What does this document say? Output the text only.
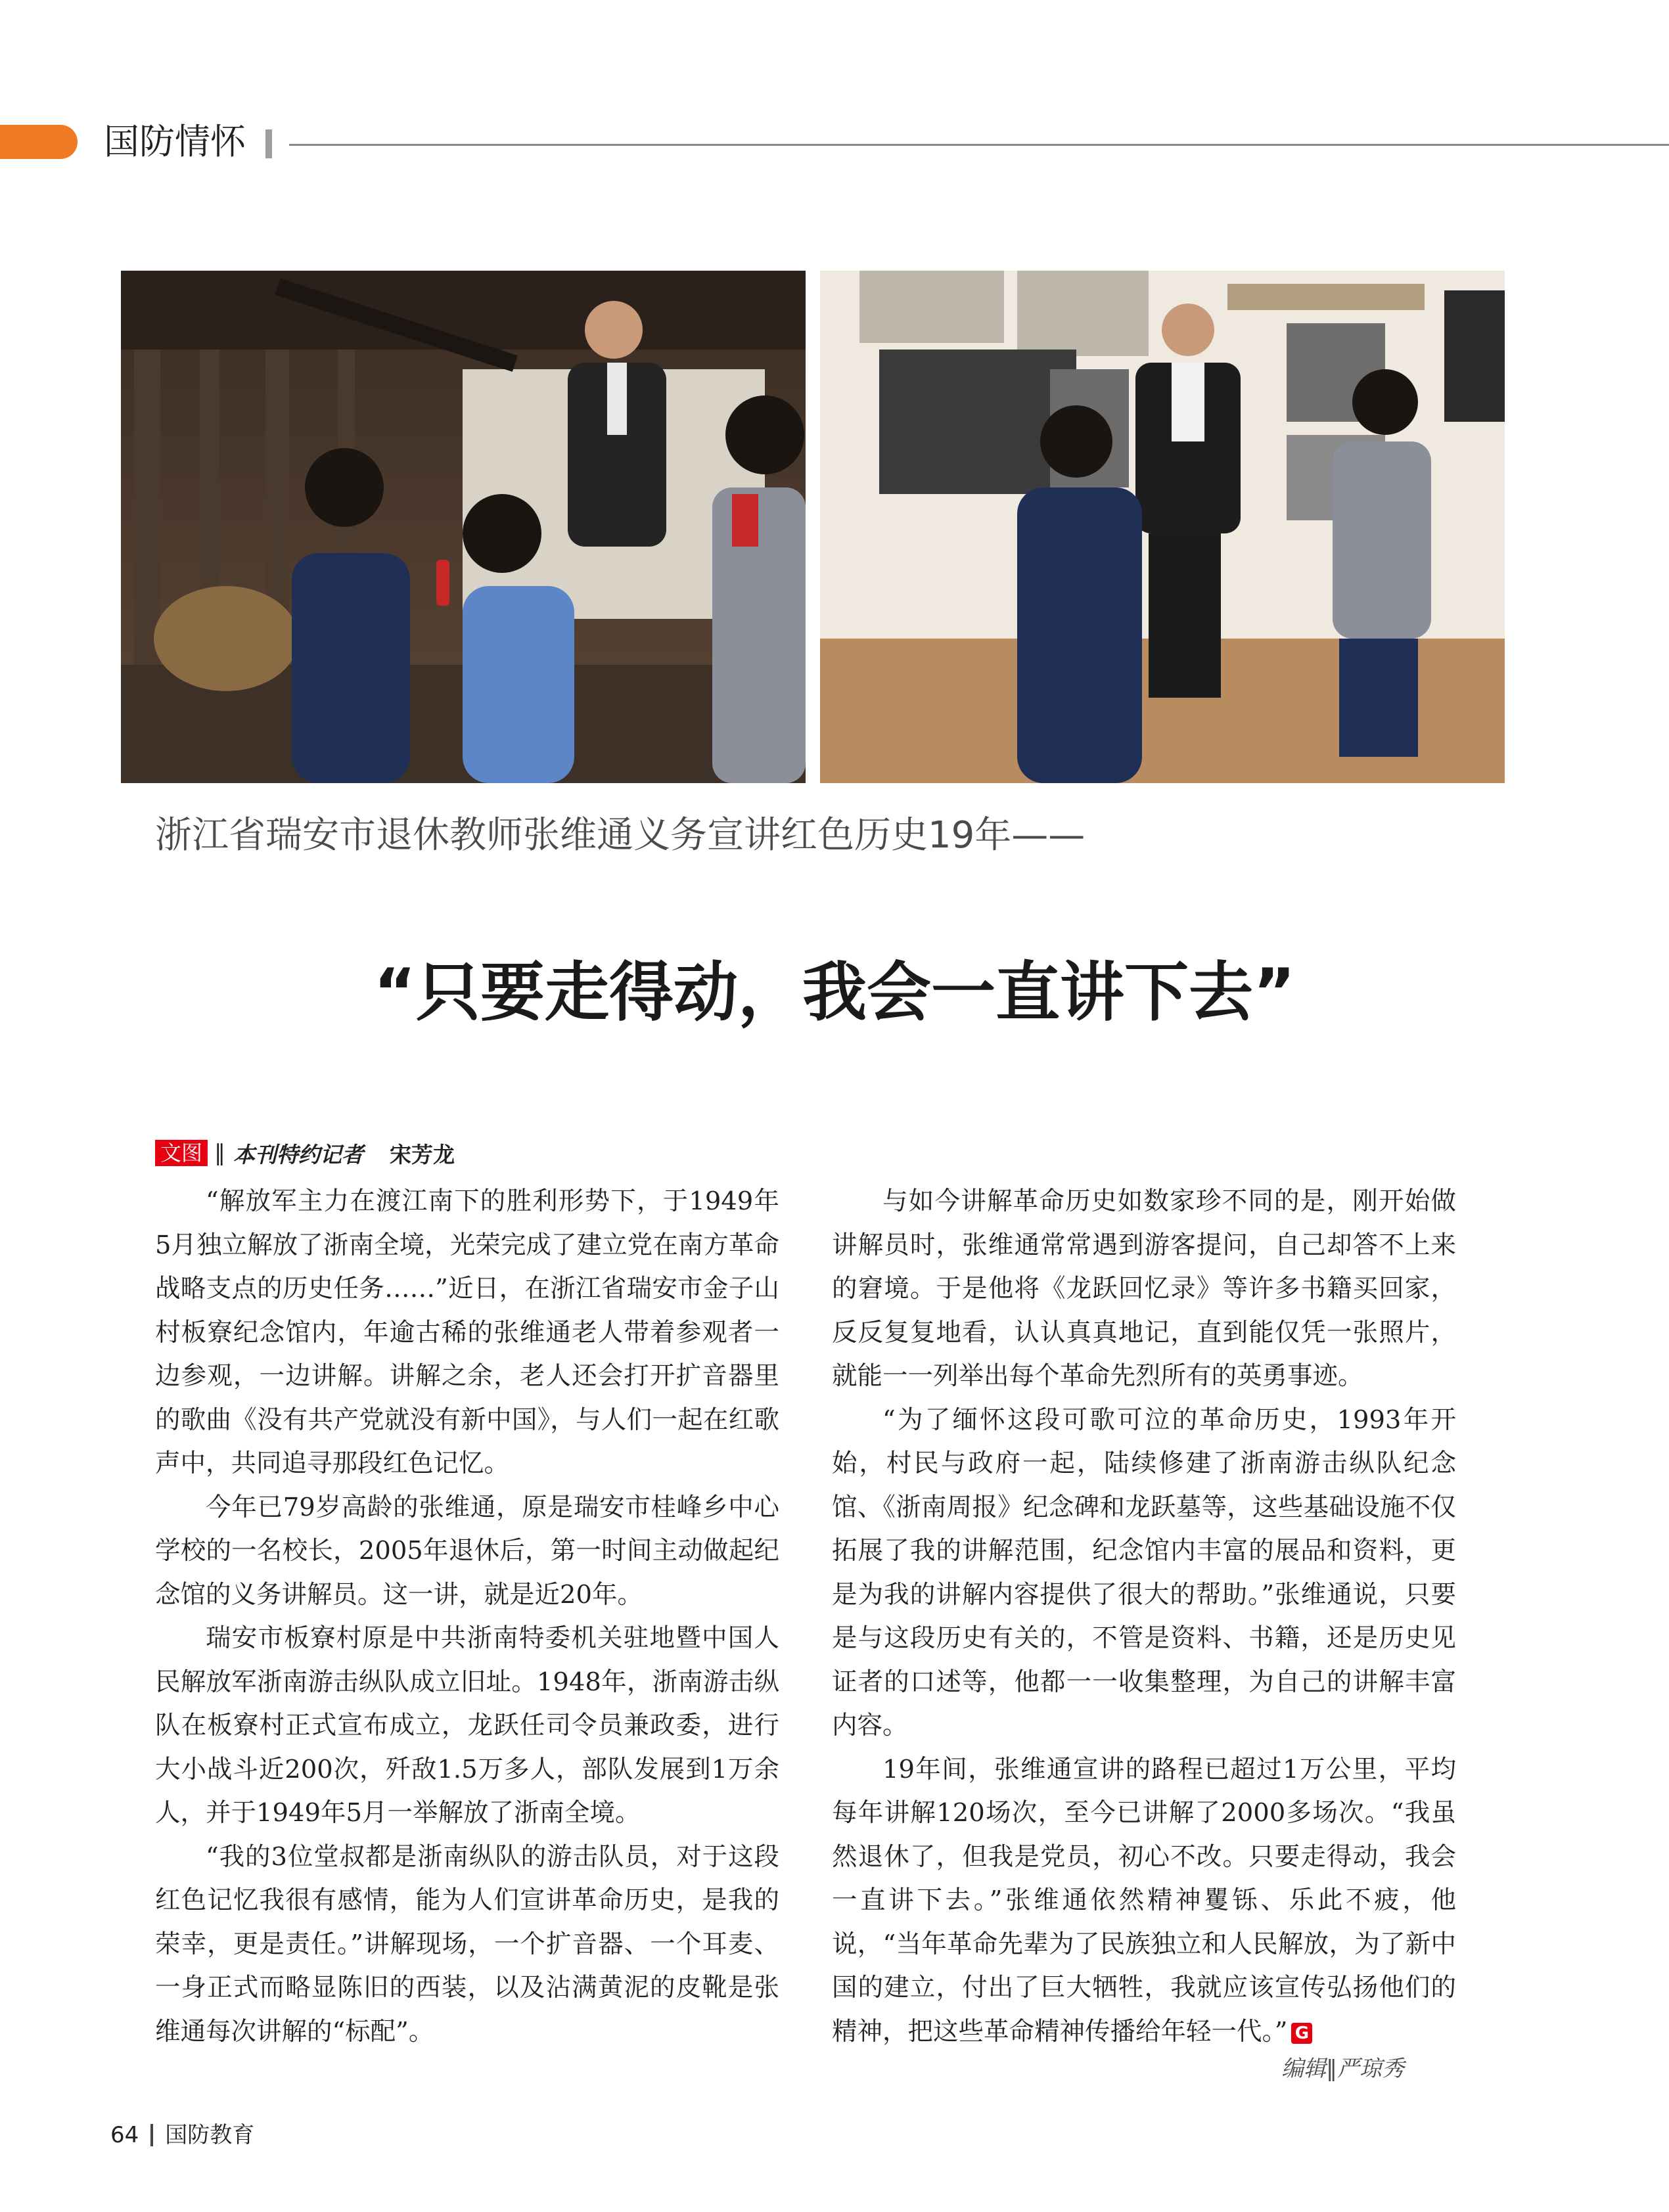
国防情怀
浙江省瑞安市退休教师张维通义务宣讲红色历史19年——
“只要走得动，我会一直讲下去”
文图 ‖ 本刊特约记者 宋芳龙

“解放军主力在渡江南下的胜利形势下，于1949年5月独立解放了浙南全境，光荣完成了建立党在南方革命战略支点的历史任务……”近日，在浙江省瑞安市金子山村板寮纪念馆内，年逾古稀的张维通老人带着参观者一边参观，一边讲解。讲解之余，老人还会打开扩音器里的歌曲《没有共产党就没有新中国》，与人们一起在红歌声中，共同追寻那段红色记忆。

今年已79岁高龄的张维通，原是瑞安市桂峰乡中心学校的一名校长，2005年退休后，第一时间主动做起纪念馆的义务讲解员。这一讲，就是近20年。

瑞安市板寮村原是中共浙南特委机关驻地暨中国人民解放军浙南游击纵队成立旧址。1948年，浙南游击纵队在板寮村正式宣布成立，龙跃任司令员兼政委，进行大小战斗近200次，歼敌1.5万多人，部队发展到1万余人，并于1949年5月一举解放了浙南全境。

“我的3位堂叔都是浙南纵队的游击队员，对于这段红色记忆我很有感情，能为人们宣讲革命历史，是我的荣幸，更是责任。”讲解现场，一个扩音器、一个耳麦、一身正式而略显陈旧的西装，以及沾满黄泥的皮靴是张维通每次讲解的“标配”。

与如今讲解革命历史如数家珍不同的是，刚开始做讲解员时，张维通常常遇到游客提问，自己却答不上来的窘境。于是他将《龙跃回忆录》等许多书籍买回家，反反复复地看，认认真真地记，直到能仅凭一张照片，就能一一列举出每个革命先烈所有的英勇事迹。

“为了缅怀这段可歌可泣的革命历史，1993年开始，村民与政府一起，陆续修建了浙南游击纵队纪念馆、《浙南周报》纪念碑和龙跃墓等，这些基础设施不仅拓展了我的讲解范围，纪念馆内丰富的展品和资料，更是为我的讲解内容提供了很大的帮助。”张维通说，只要是与这段历史有关的，不管是资料、书籍，还是历史见证者的口述等，他都一一收集整理，为自己的讲解丰富内容。

19年间，张维通宣讲的路程已超过1万公里，平均每年讲解120场次，至今已讲解了2000多场次。“我虽然退休了，但我是党员，初心不改。只要走得动，我会一直讲下去。”张维通依然精神矍铄、乐此不疲，他说，“当年革命先辈为了民族独立和人民解放，为了新中国的建立，付出了巨大牺牲，我就应该宣传弘扬他们的精神，把这些革命精神传播给年轻一代。” G

编辑‖严琼秀
64 国防教育
